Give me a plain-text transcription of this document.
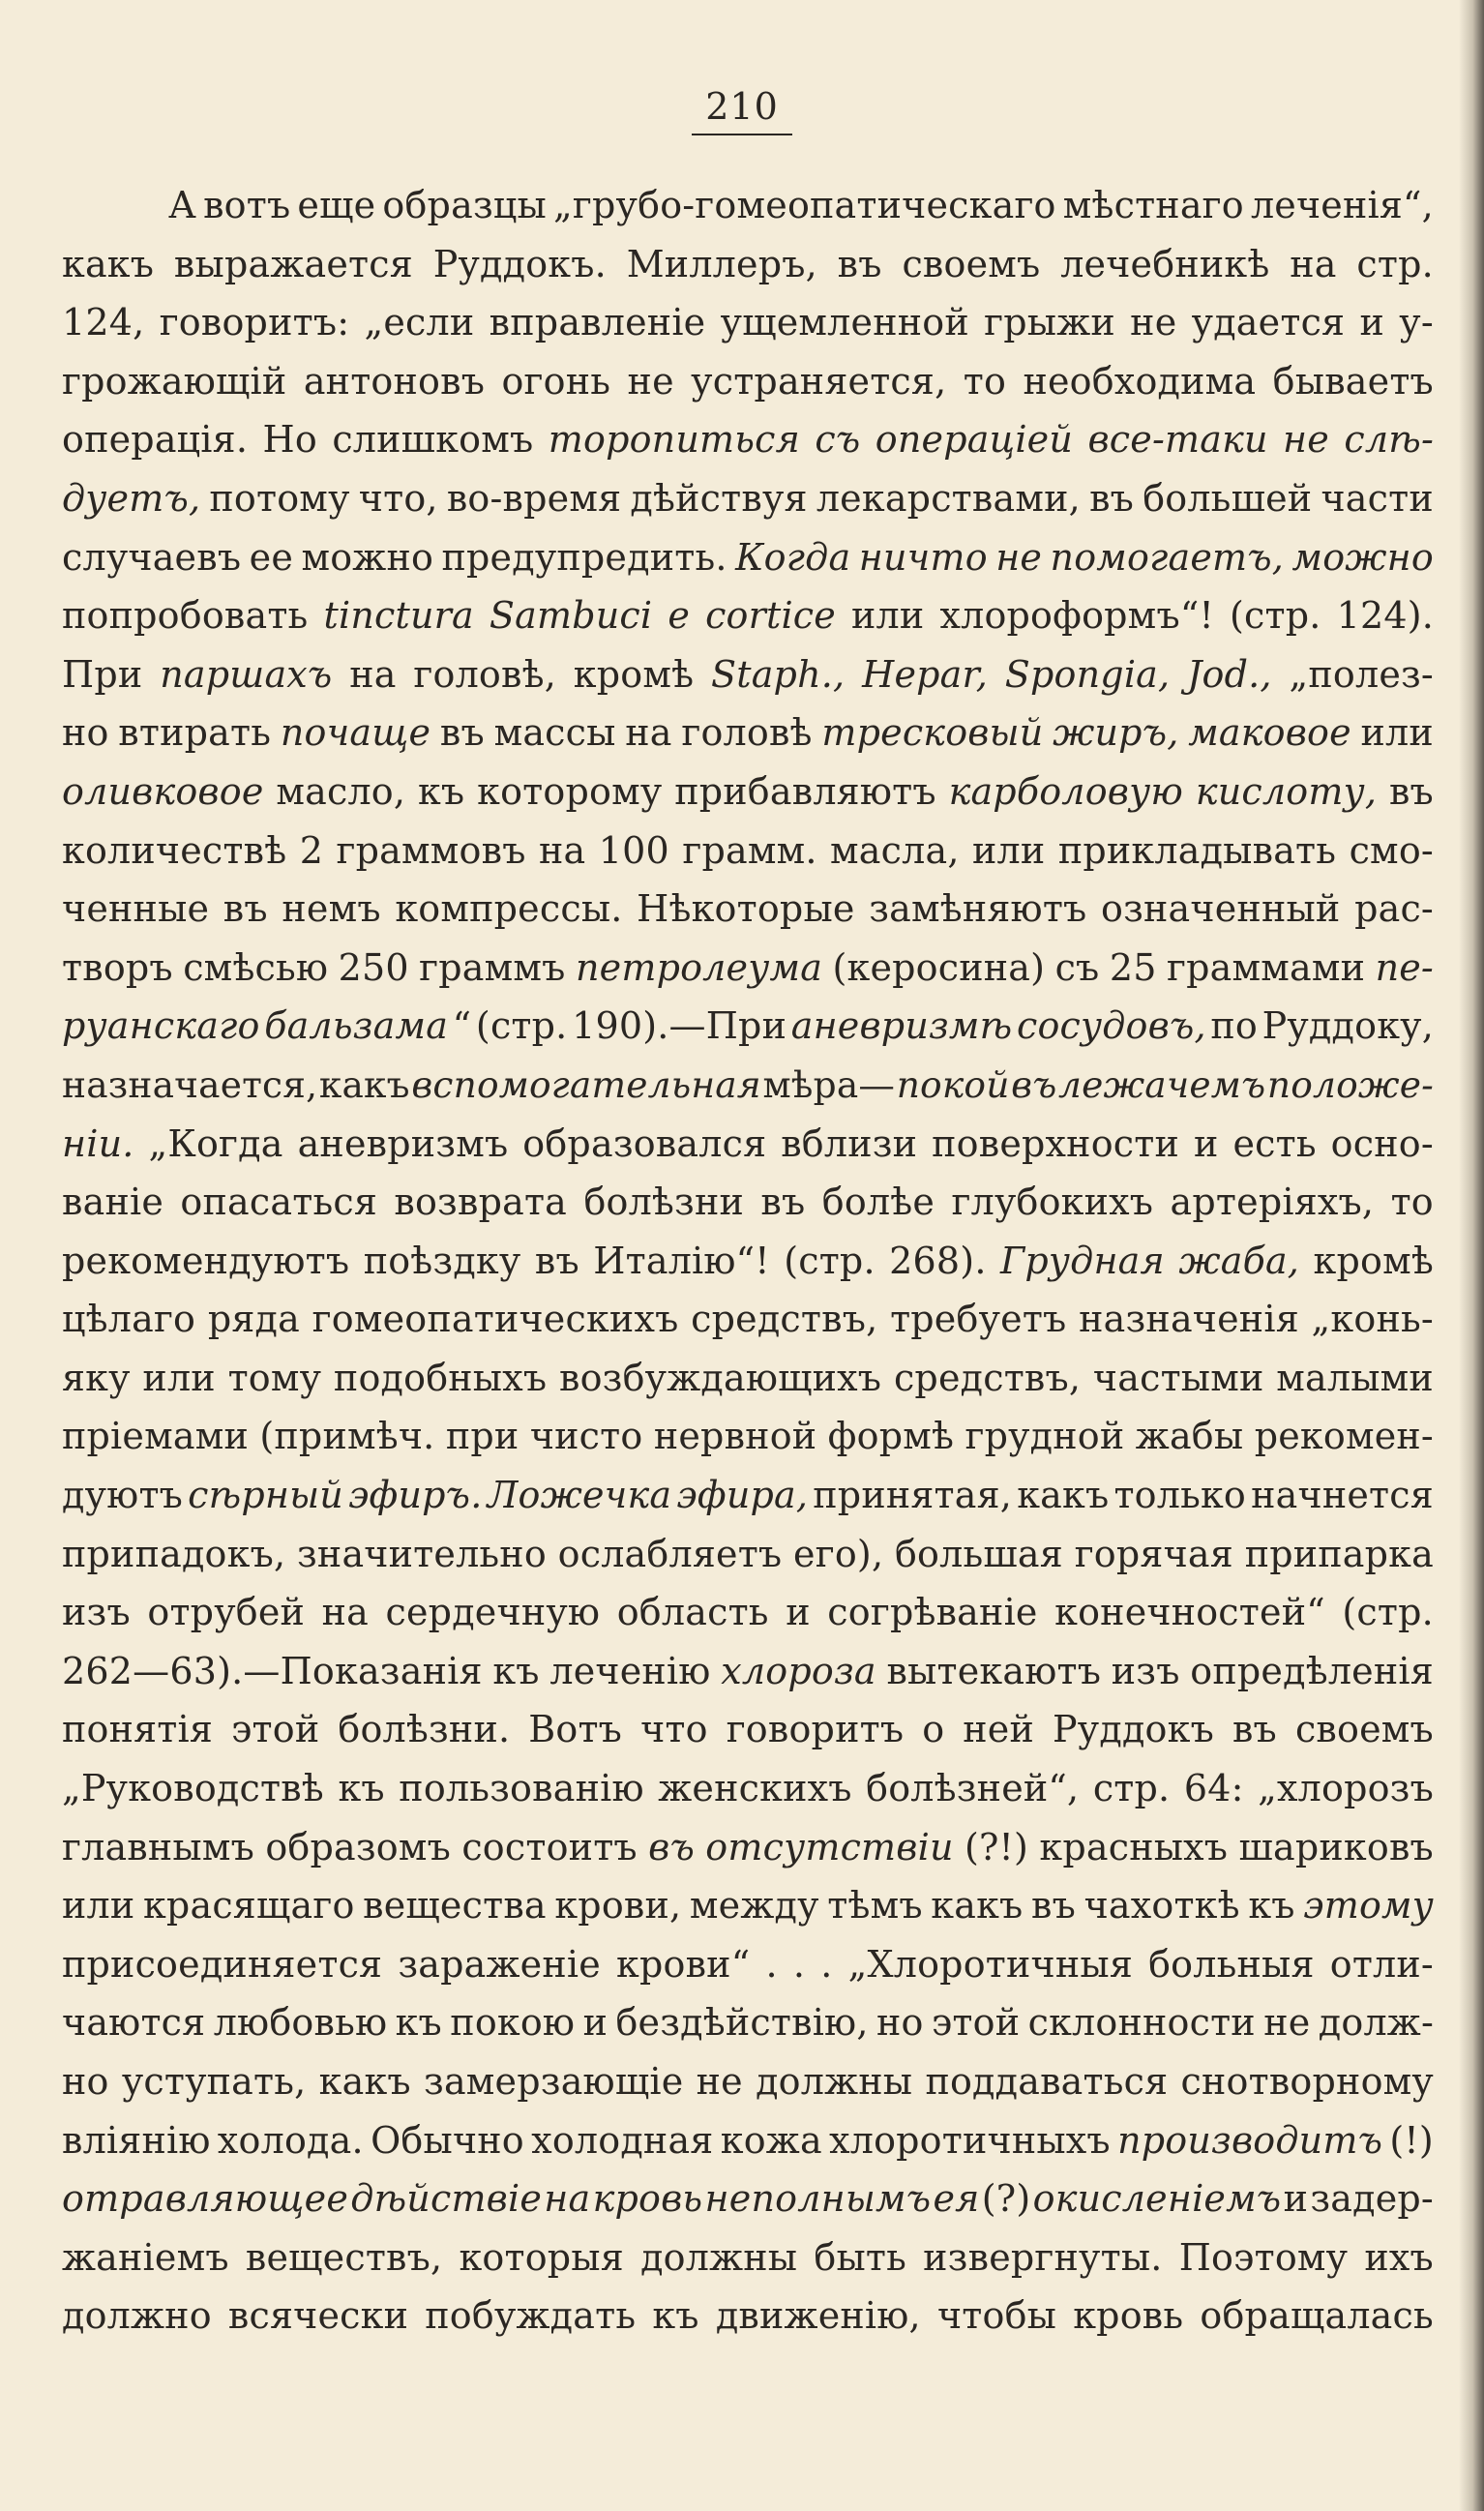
210
А вотъ еще образцы „грубо-гомеопатическаго мѣстнаго леченія“,
какъ выражается Руддокъ. Миллеръ, въ своемъ лечебникѣ на стр.
124, говоритъ: „если вправленіе ущемленной грыжи не удается и у-
грожающій антоновъ огонь не устраняется, то необходима бываетъ
операція. Но слишкомъ торопиться съ операціей все-таки не слѣ-
дуетъ, потому что, во-время дѣйствуя лекарствами, въ большей части
случаевъ ее можно предупредить. Когда ничто не помогаетъ, можно
попробовать tinctura Sambuci e cortice или хлороформъ“! (стр. 124).
При паршахъ на головѣ, кромѣ Staph., Hepar, Spongia, Jod., „полез-
но втирать почаще въ массы на головѣ тресковый жиръ, маковое или
оливковое масло, къ которому прибавляютъ карболовую кислоту, въ
количествѣ 2 граммовъ на 100 грамм. масла, или прикладывать смо-
ченные въ немъ компрессы. Нѣкоторые замѣняютъ означенный рас-
творъ смѣсью 250 граммъ петролеума (керосина) съ 25 граммами пе-
руанскаго бальзама “ (стр. 190).—При аневризмѣ сосудовъ, по Руддоку,
назначается, какъ вспомогательная мѣра— покой въ лежачемъ положе-
ніи. „Когда аневризмъ образовался вблизи поверхности и есть осно-
ваніе опасаться возврата болѣзни въ болѣе глубокихъ артеріяхъ, то
рекомендуютъ поѣздку въ Италію“! (стр. 268). Грудная жаба, кромѣ
цѣлаго ряда гомеопатическихъ средствъ, требуетъ назначенія „конь-
яку или тому подобныхъ возбуждающихъ средствъ, частыми малыми
пріемами (примѣч. при чисто нервной формѣ грудной жабы рекомен-
дуютъ сѣрный эфиръ. Ложечка эфира, принятая, какъ только начнется
припадокъ, значительно ослабляетъ его), большая горячая припарка
изъ отрубей на сердечную область и согрѣваніе конечностей“ (стр.
262—63).—Показанія къ леченію хлороза вытекаютъ изъ опредѣленія
понятія этой болѣзни. Вотъ что говоритъ о ней Руддокъ въ своемъ
„Руководствѣ къ пользованію женскихъ болѣзней“, стр. 64: „хлорозъ
главнымъ образомъ состоитъ въ отсутствіи (?!) красныхъ шариковъ
или красящаго вещества крови, между тѣмъ какъ въ чахоткѣ къ этому
присоединяется зараженіе крови“ . . . „Хлоротичныя больныя отли-
чаются любовью къ покою и бездѣйствію, но этой склонности не долж-
но уступать, какъ замерзающіе не должны поддаваться снотворному
вліянію холода. Обычно холодная кожа хлоротичныхъ производитъ (!)
отравляющее дѣйствіе на кровь неполнымъ ея (?) окисленіемъ и задер-
жаніемъ веществъ, которыя должны быть извергнуты. Поэтому ихъ
должно всячески побуждать къ движенію, чтобы кровь обращалась
